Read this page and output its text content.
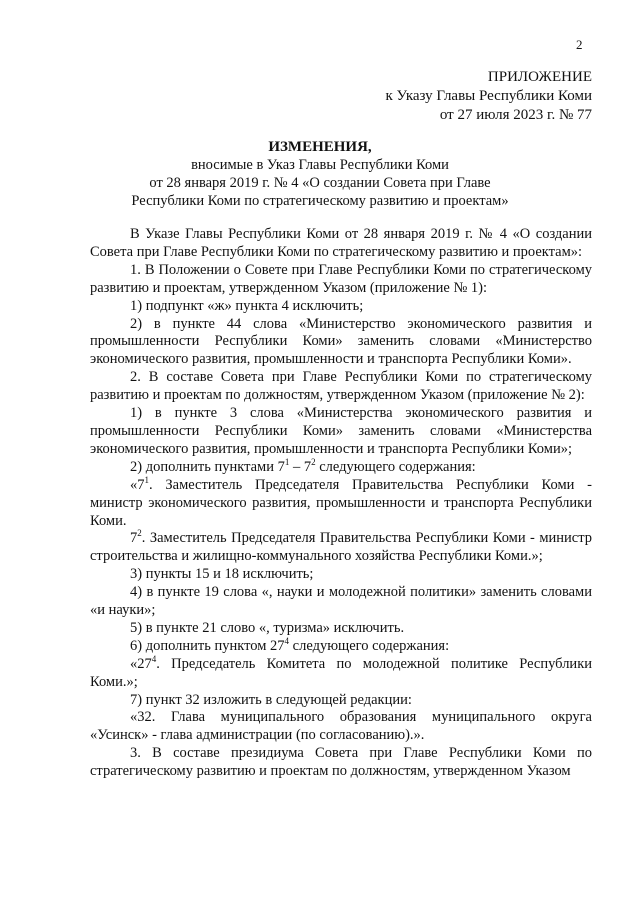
2
ПРИЛОЖЕНИЕ
к Указу Главы Республики Коми
от 27 июля 2023 г. № 77
ИЗМЕНЕНИЯ,
вносимые в Указ Главы Республики Коми
от 28 января 2019 г. № 4 «О создании Совета при Главе
Республики Коми по стратегическому развитию и проектам»

В Указе Главы Республики Коми от 28 января 2019 г. № 4 «О создании Совета при Главе Республики Коми по стратегическому развитию и проектам»:

1. В Положении о Совете при Главе Республики Коми по стратегическому развитию и проектам, утвержденном Указом (приложение № 1):

1) подпункт «ж» пункта 4 исключить;

2) в пункте 44 слова «Министерство экономического развития и промышленности Республики Коми» заменить словами «Министерство экономического развития, промышленности и транспорта Республики Коми».

2. В составе Совета при Главе Республики Коми по стратегическому развитию и проектам по должностям, утвержденном Указом (приложение № 2):

1) в пункте 3 слова «Министерства экономического развития и промышленности Республики Коми» заменить словами «Министерства экономического развития, промышленности и транспорта Республики Коми»;

2) дополнить пунктами $7^1 - 7^2$ следующего содержания:

«$7^1$. Заместитель Председателя Правительства Республики Коми - министр экономического развития, промышленности и транспорта Республики Коми.

$7^2$. Заместитель Председателя Правительства Республики Коми - министр строительства и жилищно-коммунального хозяйства Республики Коми.»;

3) пункты 15 и 18 исключить;

4) в пункте 19 слова «, науки и молодежной политики» заменить словами «и науки»;

5) в пункте 21 слово «, туризма» исключить.

6) дополнить пунктом $27^4$ следующего содержания:

«$27^4$. Председатель Комитета по молодежной политике Республики Коми.»;

7) пункт 32 изложить в следующей редакции:

«32. Глава муниципального образования муниципального округа «Усинск» - глава администрации (по согласованию).».

3. В составе президиума Совета при Главе Республики Коми по стратегическому развитию и проектам по должностям, утвержденном Указом
